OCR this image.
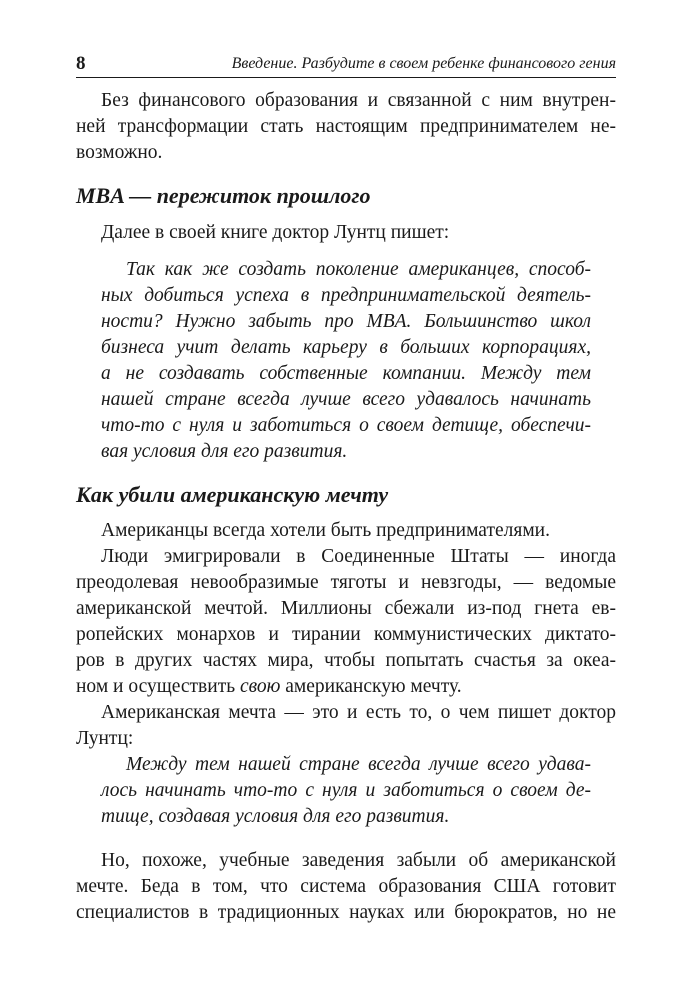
8	Введение. Разбудите в своем ребенке финансового гения
Без финансового образования и связанной с ним внутрен-
ней трансформации стать настоящим предпринимателем не-
возможно.
MBA — пережиток прошлого
Далее в своей книге доктор Лунтц пишет:
Так как же создать поколение американцев, способ-
ных добиться успеха в предпринимательской деятель-
ности? Нужно забыть про MBA. Большинство школ
бизнеса учит делать карьеру в больших корпорациях,
а не создавать собственные компании. Между тем
нашей стране всегда лучше всего удавалось начинать
что-то с нуля и заботиться о своем детище, обеспечи-
вая условия для его развития.
Как убили американскую мечту
Американцы всегда хотели быть предпринимателями.
Люди эмигрировали в Соединенные Штаты — иногда
преодолевая невообразимые тяготы и невзгоды, — ведомые
американской мечтой. Миллионы сбежали из-под гнета ев-
ропейских монархов и тирании коммунистических диктато-
ров в других частях мира, чтобы попытать счастья за океа-
ном и осуществить свою американскую мечту.
Американская мечта — это и есть то, о чем пишет доктор
Лунтц:
Между тем нашей стране всегда лучше всего удава-
лось начинать что-то с нуля и заботиться о своем де-
тище, создавая условия для его развития.
Но, похоже, учебные заведения забыли об американской
мечте. Беда в том, что система образования США готовит
специалистов в традиционных науках или бюрократов, но не
